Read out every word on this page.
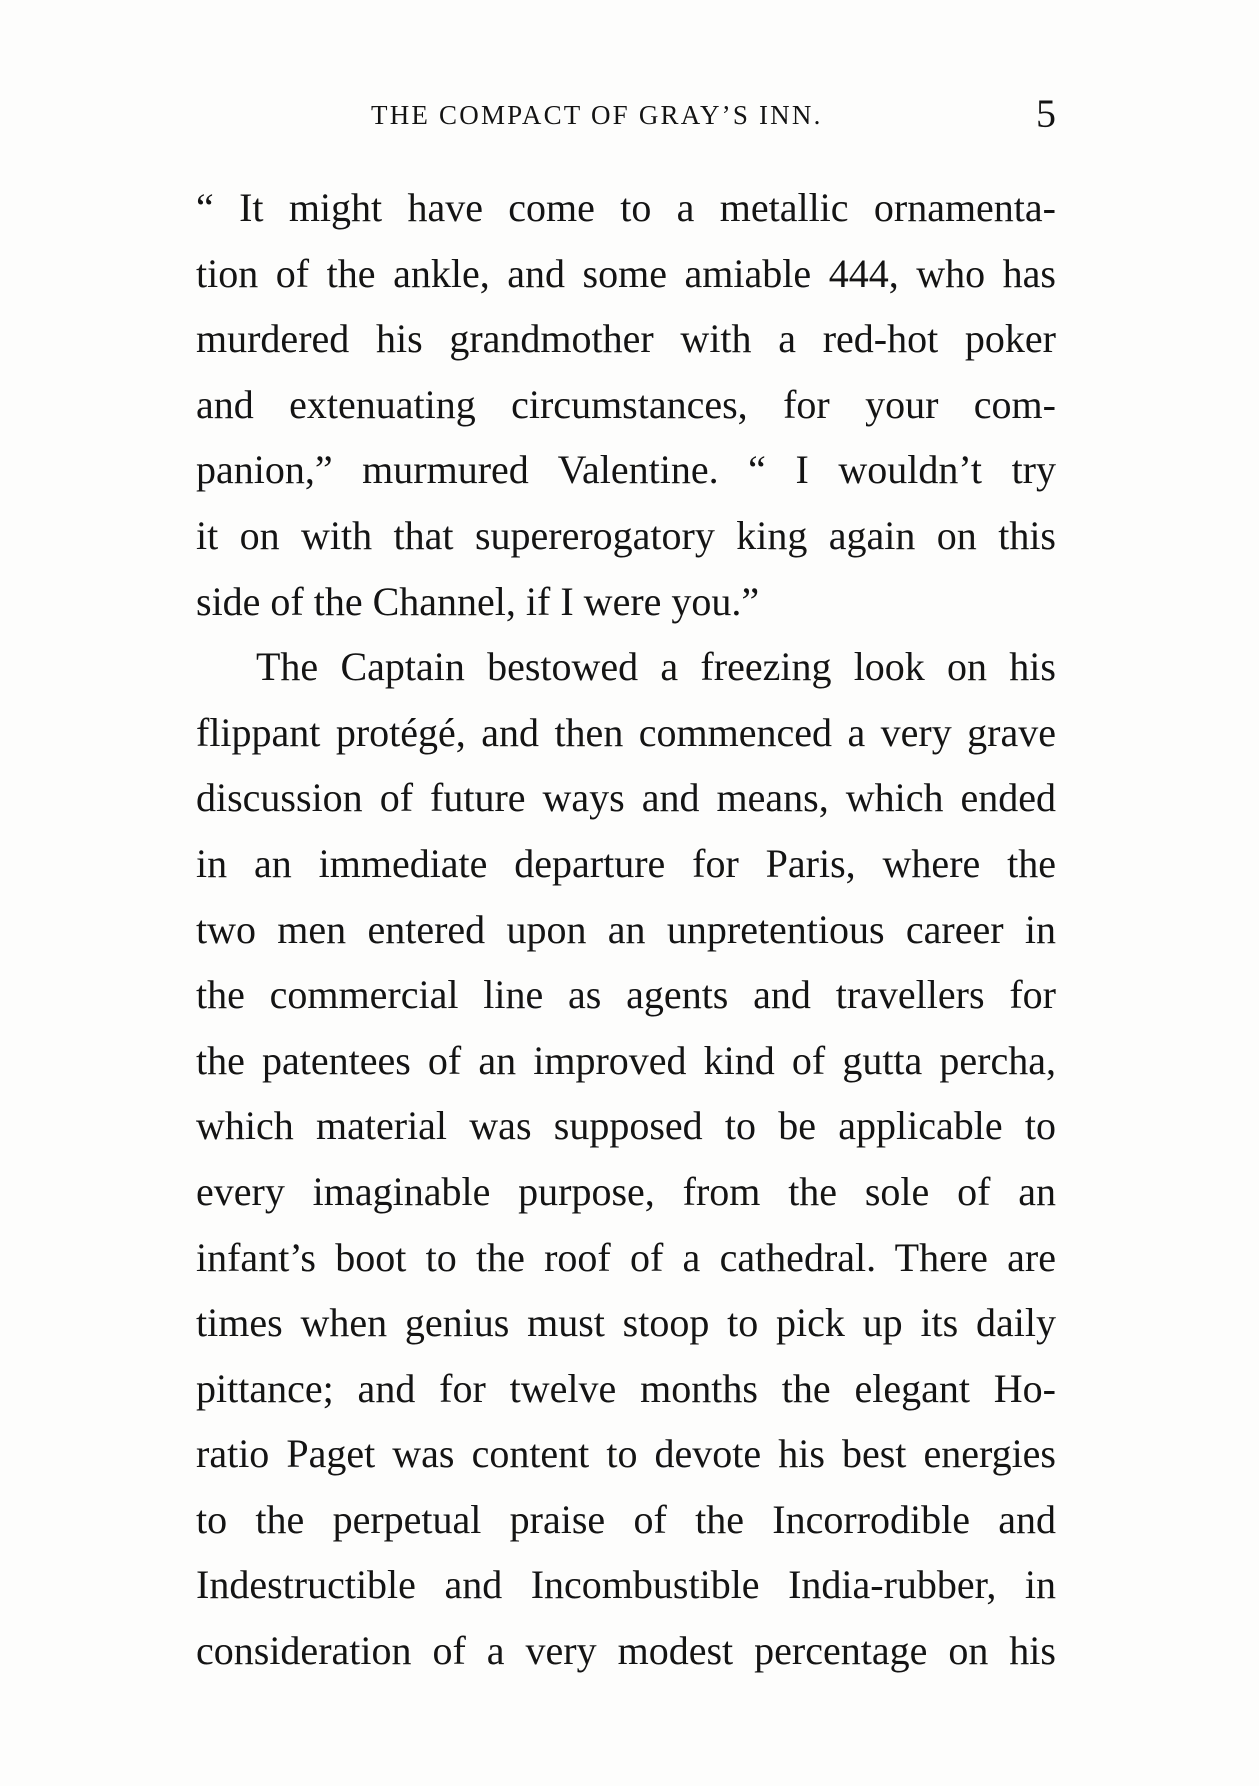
THE COMPACT OF GRAY’S INN.	5
“ It might have come to a metallic ornamenta-
tion of the ankle, and some amiable 444, who has
murdered his grandmother with a red-hot poker
and extenuating circumstances, for your com-
panion,” murmured Valentine. “ I wouldn’t try
it on with that supererogatory king again on this
side of the Channel, if I were you.”
The Captain bestowed a freezing look on his
flippant protégé, and then commenced a very grave
discussion of future ways and means, which ended
in an immediate departure for Paris, where the
two men entered upon an unpretentious career in
the commercial line as agents and travellers for
the patentees of an improved kind of gutta percha,
which material was supposed to be applicable to
every imaginable purpose, from the sole of an
infant’s boot to the roof of a cathedral. There are
times when genius must stoop to pick up its daily
pittance; and for twelve months the elegant Ho-
ratio Paget was content to devote his best energies
to the perpetual praise of the Incorrodible and
Indestructible and Incombustible India-rubber, in
consideration of a very modest percentage on his
